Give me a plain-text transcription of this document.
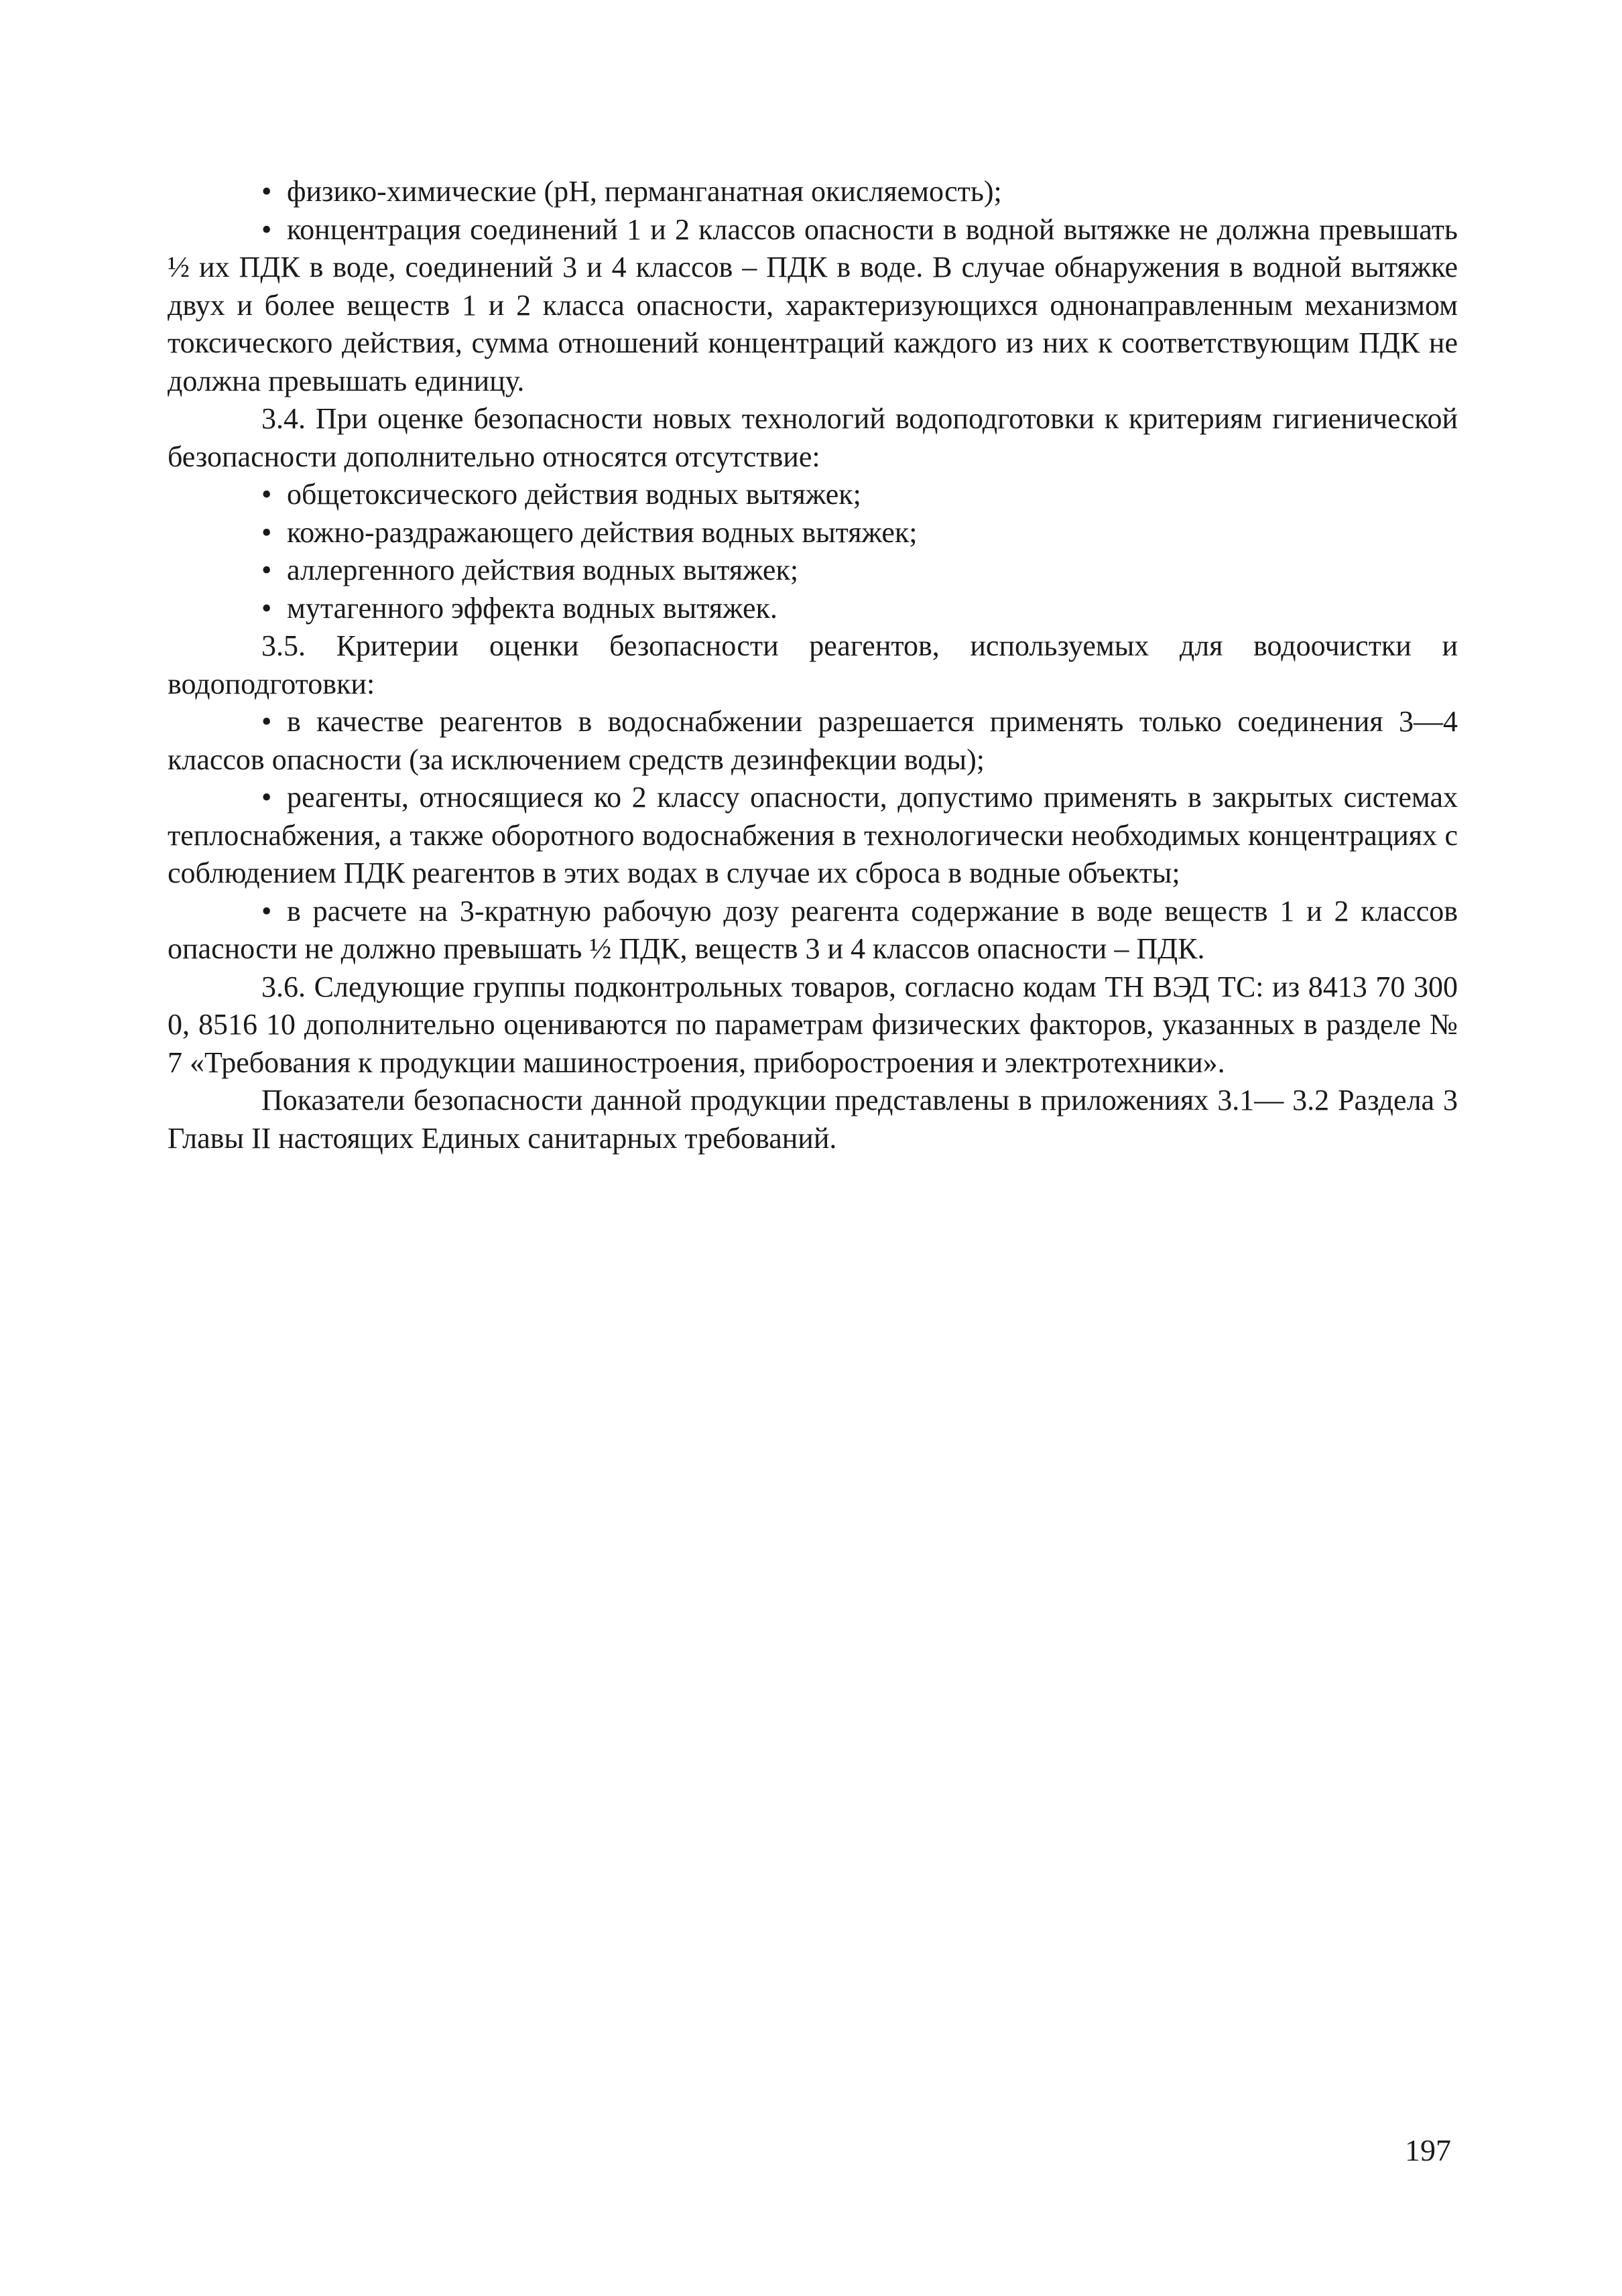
• физико-химические (pH, перманганатная окисляемость);

• концентрация соединений 1 и 2 классов опасности в водной вытяжке не должна превышать ½ их ПДК в воде, соединений 3 и 4 классов – ПДК в воде. В случае обнаружения в водной вытяжке двух и более веществ 1 и 2 класса опасности, характеризующихся однонаправленным механизмом токсического действия, сумма отношений концентраций каждого из них к соответствующим ПДК не должна превышать единицу.

3.4. При оценке безопасности новых технологий водоподготовки к критериям гигиенической безопасности дополнительно относятся отсутствие:

• общетоксического действия водных вытяжек;

• кожно-раздражающего действия водных вытяжек;

• аллергенного действия водных вытяжек;

• мутагенного эффекта водных вытяжек.

3.5. Критерии оценки безопасности реагентов, используемых для водоочистки и водоподготовки:

• в качестве реагентов в водоснабжении разрешается применять только соединения 3—4 классов опасности (за исключением средств дезинфекции воды);

• реагенты, относящиеся ко 2 классу опасности, допустимо применять в закрытых системах теплоснабжения, а также оборотного водоснабжения в технологически необходимых концентрациях с соблюдением ПДК реагентов в этих водах в случае их сброса в водные объекты;

• в расчете на 3-кратную рабочую дозу реагента содержание в воде веществ 1 и 2 классов опасности не должно превышать ½ ПДК, веществ 3 и 4 классов опасности – ПДК.

3.6. Следующие группы подконтрольных товаров, согласно кодам ТН ВЭД ТС: из 8413 70 300 0, 8516 10 дополнительно оцениваются по параметрам физических факторов, указанных в разделе № 7 «Требования к продукции машиностроения, приборостроения и электротехники».

Показатели безопасности данной продукции представлены в приложениях 3.1— 3.2 Раздела 3 Главы II настоящих Единых санитарных требований.

197
